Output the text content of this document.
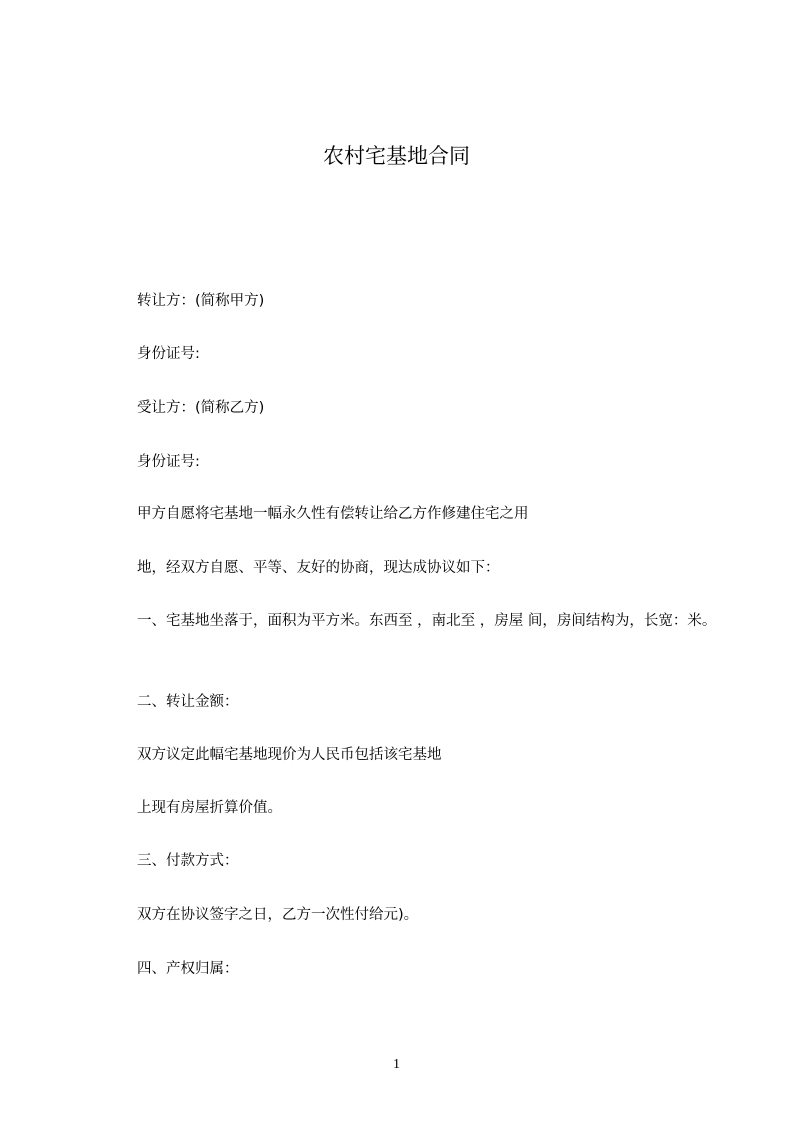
农村宅基地合同
转让方：(简称甲方)
身份证号:
受让方：(简称乙方)
身份证号:
甲方自愿将宅基地一幅永久性有偿转让给乙方作修建住宅之用
地，经双方自愿、平等、友好的协商，现达成协议如下：
一、宅基地坐落于，面积为平方米。东西至 ，南北至 ，房屋 间，房间结构为，长宽：米。
二、转让金额：
双方议定此幅宅基地现价为人民币包括该宅基地
上现有房屋折算价值。
三、付款方式：
双方在协议签字之日，乙方一次性付给元)。
四、产权归属：
1
